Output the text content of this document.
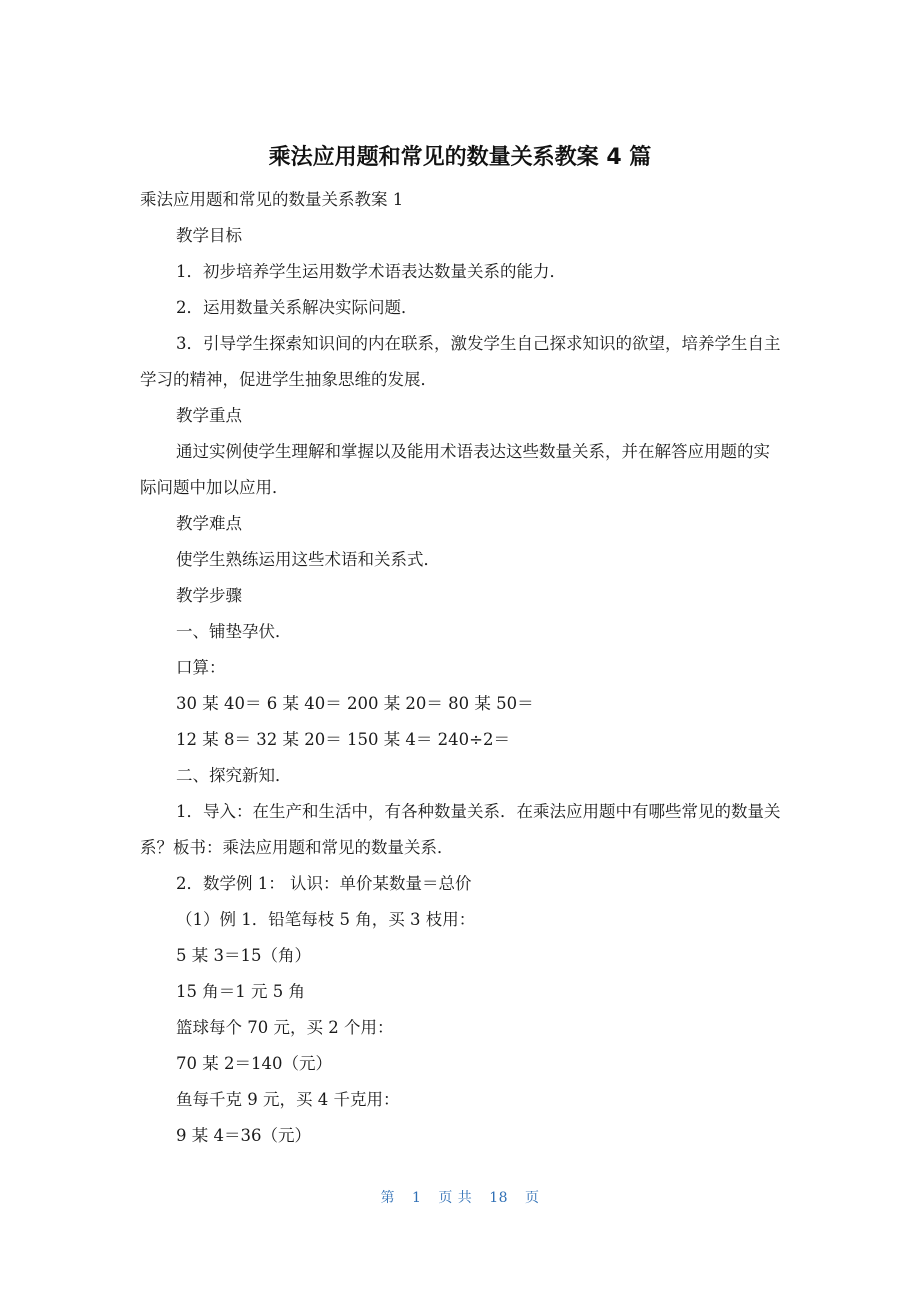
乘法应用题和常见的数量关系教案 4 篇
乘法应用题和常见的数量关系教案 1
教学目标
1．初步培养学生运用数学术语表达数量关系的能力．
2．运用数量关系解决实际问题．
3．引导学生探索知识间的内在联系，激发学生自己探求知识的欲望，培养学生自主学习的精神，促进学生抽象思维的发展．
教学重点
通过实例使学生理解和掌握以及能用术语表达这些数量关系，并在解答应用题的实际问题中加以应用．
教学难点
使学生熟练运用这些术语和关系式．
教学步骤
一、铺垫孕伏．
口算：
30 某 40＝ 6 某 40＝ 200 某 20＝ 80 某 50＝
12 某 8＝ 32 某 20＝ 150 某 4＝ 240÷2＝
二、探究新知．
1．导入：在生产和生活中，有各种数量关系．在乘法应用题中有哪些常见的数量关系？板书：乘法应用题和常见的数量关系．
2．数学例 1： 认识：单价某数量＝总价
（1）例 1．铅笔每枝 5 角，买 3 枝用：
5 某 3＝15（角）
15 角＝1 元 5 角
篮球每个 70 元，买 2 个用：
70 某 2＝140（元）
鱼每千克 9 元，买 4 千克用：
9 某 4＝36（元）
第 1 页 共 18 页
